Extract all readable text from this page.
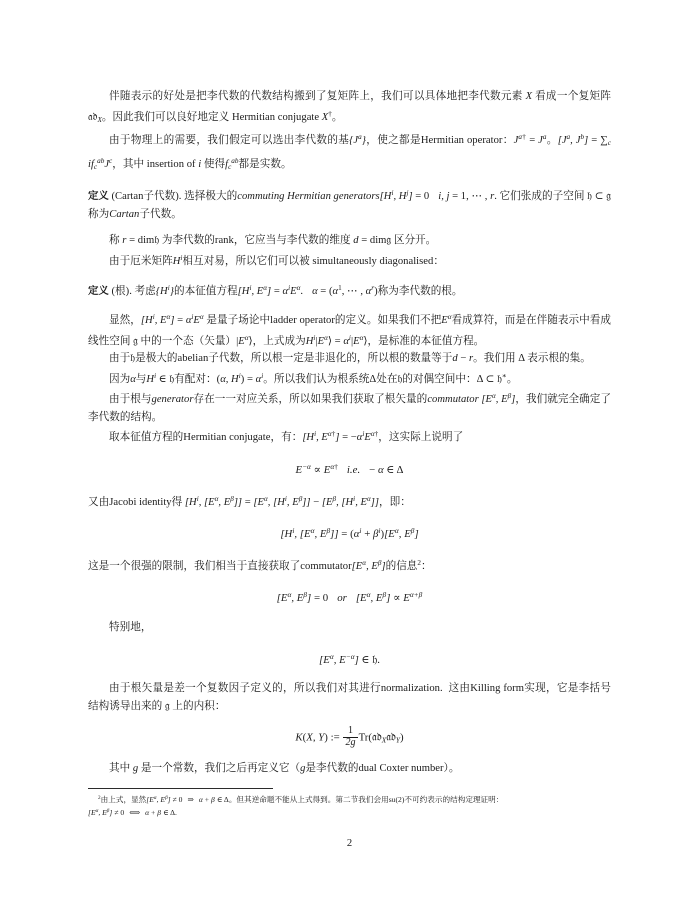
伴随表示的好处是把李代数的代数结构搬到了复矩阵上，我们可以具体地把李代数元素 X 看成一个复矩阵 𝔞𝔡$_X$。因此我们可以良好地定义 Hermitian conjugate X†。

由于物理上的需要，我们假定可以选出李代数的基$\{J^a\}$，使之都是Hermitian operator：$J^{a\dagger} = J^a$。[$J^a$, $J^b] = \sum_c$ $if_c^{ab}J^c$，其中 insertion of i 使得$f_c^{ab}$都是实数。

定义 (Cartan子代数). 选择极大的commuting Hermitian $generators[H^i$, $H^j] = 0$ i, j = 1, ⋯ , r. 它们张成的子空间 𝔥 ⊂ 𝔤 称为Cartan子代数。

称 r = dim𝔥 为李代数的rank，它应当与李代数的维度 d = dim𝔤 区分开。

由于厄米矩阵$H^i$相互对易，所以它们可以被 simultaneously diagonalised：

定义 (根). 考虑$\{H^i\}$的本征值方程[$H^i$, $E^\alpha] = \alpha^iE^\alpha$. $\alpha = (\alpha^1$, ⋯ , $\alpha^r$)称为李代数的根。

显然，[$H^i$, $E^\alpha] = \alpha^iE^\alpha$ 是量子场论中ladder operator的定义。如果我们不把$E^\alpha$看成算符，而是在伴随表示中看成线性空间 𝔤 中的一个态（矢量）$|E^\alpha⟩$，上式成为$H^i|E^\alpha⟩$ = $\alpha^i|E^\alpha⟩$，是标准的本征值方程。

由于𝔥是极大的abelian子代数，所以根一定是非退化的，所以根的数量等于d − r。我们用 Δ 表示根的集。

因为α与$H^i$ ∈ 𝔥有配对：(α, $H^i) = \alpha^i$。所以我们认为根系统Δ处在𝔥的对偶空间中：Δ ⊂ 𝔥∗。

由于根与generator存在一一对应关系，所以如果我们获取了根矢量的commutator [$E^\alpha$, $E^\beta$]，我们就完全确定了李代数的结构。

取本征值方程的Hermitian conjugate，有：[$H^i$, $E^{\alpha\dagger}] = -\alpha^iE^{\alpha\dagger}$，这实际上说明了

$E^{-\alpha} \propto E^{\alpha\dagger}$ i.e. − α ∈ Δ

又由Jacobi identity得 [$H^i$, [$E^\alpha$, $E^\beta]] = [E^\alpha$, [$H^i$, $E^\beta]] - [E^\beta$, [$H^i$, $E^\alpha$]]，即：

[$H^i$, [$E^\alpha$, $E^\beta]] = (\alpha^i + \beta^i)[E^\alpha$, $E^\beta$]

这是一个很强的限制，我们相当于直接获取了$commutator[E^\alpha$, $E^\beta$]的信息$^2$：

[$E^\alpha$, $E^\beta] = 0$ or [$E^\alpha$, $E^\beta] \propto E^{\alpha+\beta}$

特别地，

[$E^\alpha$, $E^{-\alpha}$] ∈ 𝔥.

由于根矢量是差一个复数因子定义的，所以我们对其进行normalization.  这由Killing form实现，它是李括号结构诱导出来的 𝔤 上的内积：

K(X, Y) := $\frac{1}{2g}$ Tr(𝔞𝔡$_X$𝔞𝔡$_Y$)

其中 g 是一个常数，我们之后再定义它（g是李代数的dual Coxter number）。

$^2$由上式，显然[$E^\alpha$, $E^\beta] \ne 0$ ⇒ α + β ∈ Δ。但其逆命题不能从上式得到。第二节我们会用su(2)不可约表示的结构定理证明：

[$E^\alpha$, $E^\beta] \ne 0$ ⟺ α + β ∈ Δ.

2
